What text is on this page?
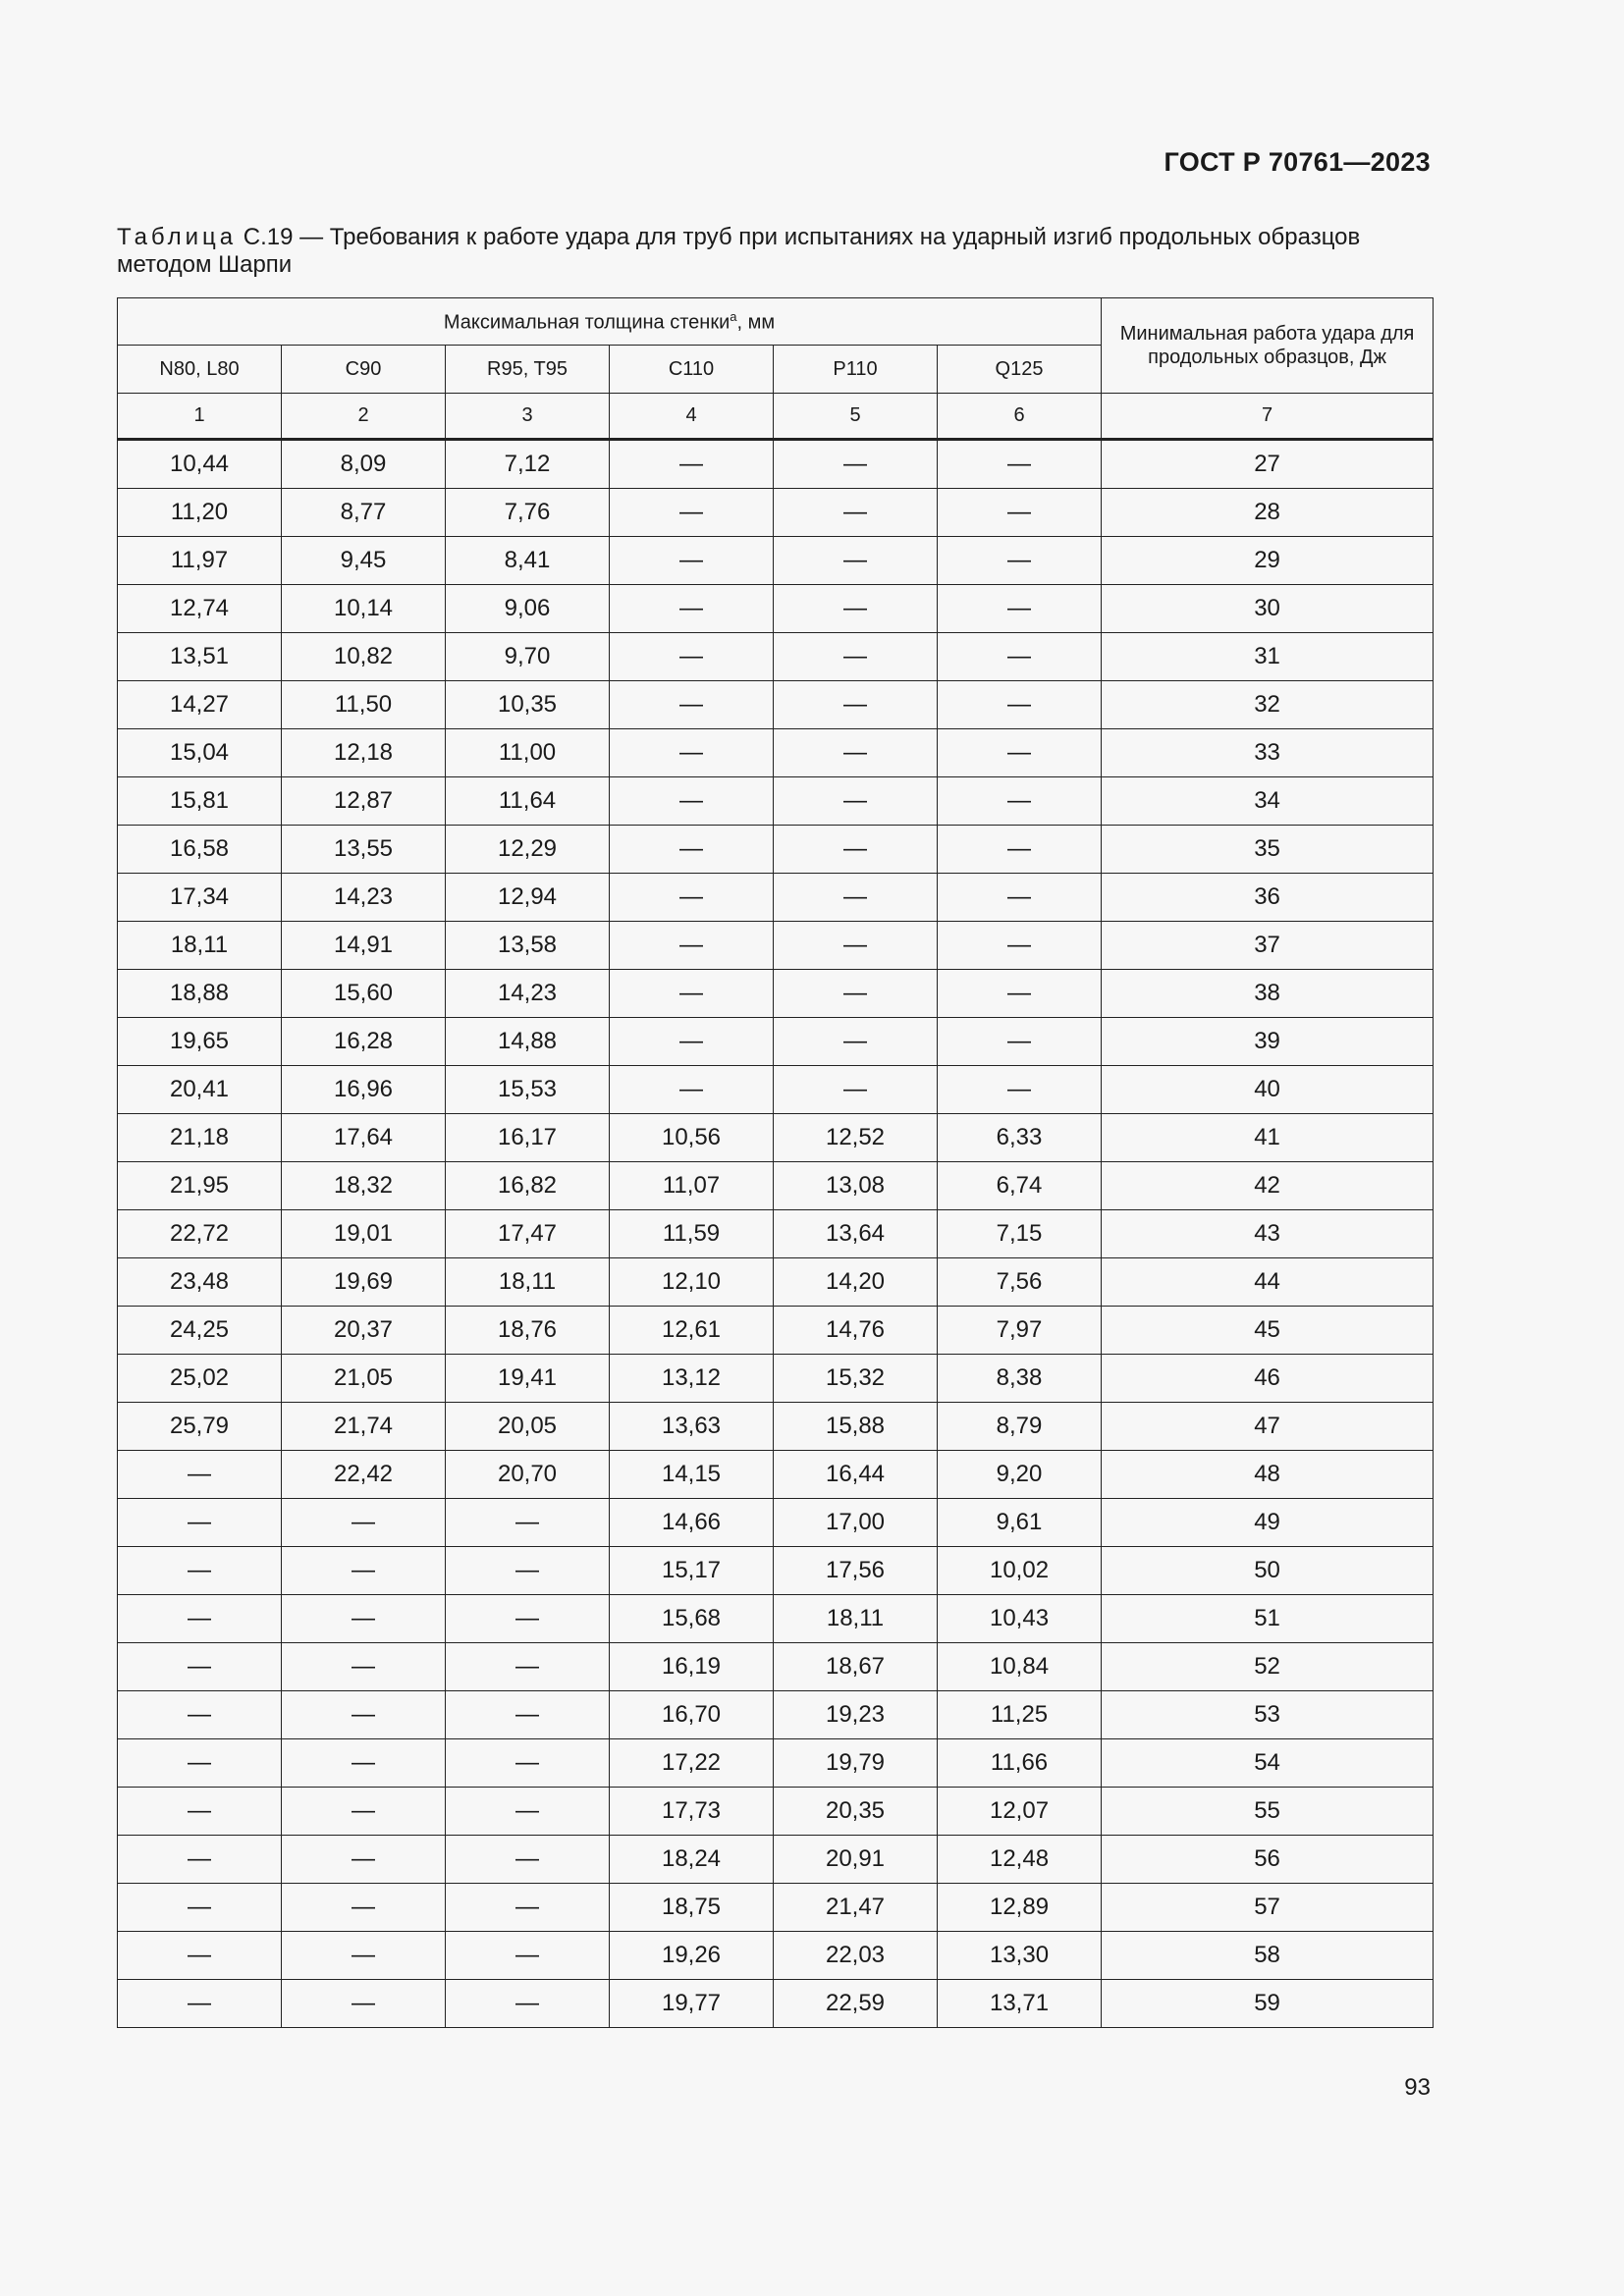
ГОСТ Р 70761—2023
Таблица С.19 — Требования к работе удара для труб при испытаниях на ударный изгиб продольных образцов методом Шарпи
Максимальная толщина стенки$^a$, мм						Минимальная работа удара для продольных образцов, Дж

N80, L80	C90	R95, T95	C110	P110	Q125	
1	2	3	4	5	6	7
10,44	8,09	7,12	—	—	—	27
11,20	8,77	7,76	—	—	—	28
11,97	9,45	8,41	—	—	—	29
12,74	10,14	9,06	—	—	—	30
13,51	10,82	9,70	—	—	—	31
14,27	11,50	10,35	—	—	—	32
15,04	12,18	11,00	—	—	—	33
15,81	12,87	11,64	—	—	—	34
16,58	13,55	12,29	—	—	—	35
17,34	14,23	12,94	—	—	—	36
18,11	14,91	13,58	—	—	—	37
18,88	15,60	14,23	—	—	—	38
19,65	16,28	14,88	—	—	—	39
20,41	16,96	15,53	—	—	—	40
21,18	17,64	16,17	10,56	12,52	6,33	41
21,95	18,32	16,82	11,07	13,08	6,74	42
22,72	19,01	17,47	11,59	13,64	7,15	43
23,48	19,69	18,11	12,10	14,20	7,56	44
24,25	20,37	18,76	12,61	14,76	7,97	45
25,02	21,05	19,41	13,12	15,32	8,38	46
25,79	21,74	20,05	13,63	15,88	8,79	47
—	22,42	20,70	14,15	16,44	9,20	48
—	—	—	14,66	17,00	9,61	49
—	—	—	15,17	17,56	10,02	50
—	—	—	15,68	18,11	10,43	51
—	—	—	16,19	18,67	10,84	52
—	—	—	16,70	19,23	11,25	53
—	—	—	17,22	19,79	11,66	54
—	—	—	17,73	20,35	12,07	55
—	—	—	18,24	20,91	12,48	56
—	—	—	18,75	21,47	12,89	57
—	—	—	19,26	22,03	13,30	58
—	—	—	19,77	22,59	13,71	59
93
